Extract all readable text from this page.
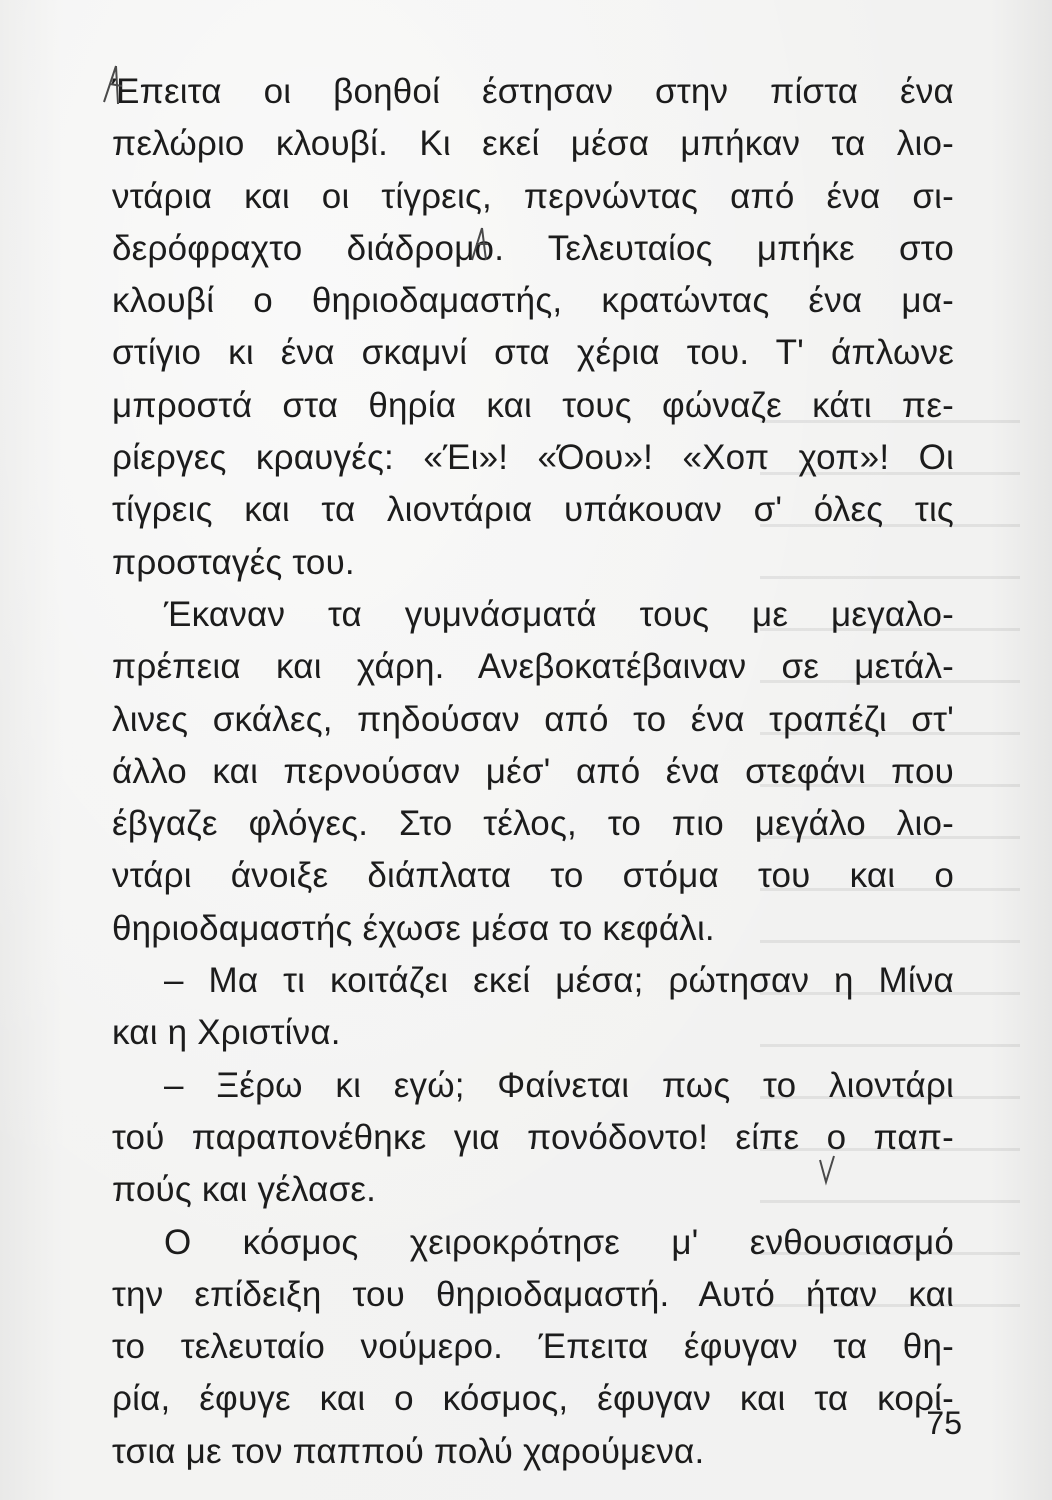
Έπειτα οι βοηθοί έστησαν στην πίστα ένα
πελώριο κλουβί. Κι εκεί μέσα μπήκαν τα λιο-
ντάρια και οι τίγρεις, περνώντας από ένα σι-
δερόφραχτο διάδρομο. Τελευταίος μπήκε στο
κλουβί ο θηριοδαμαστής, κρατώντας ένα μα-
στίγιο κι ένα σκαμνί στα χέρια του. Τ' άπλωνε
μπροστά στα θηρία και τους φώναζε κάτι πε-
ρίεργες κραυγές: «Έι»! «Όου»! «Χοπ χοπ»! Οι
τίγρεις και τα λιοντάρια υπάκουαν σ' όλες τις
προσταγές του.
Έκαναν τα γυμνάσματά τους με μεγαλο-
πρέπεια και χάρη. Ανεβοκατέβαιναν σε μετάλ-
λινες σκάλες, πηδούσαν από το ένα τραπέζι στ'
άλλο και περνούσαν μέσ' από ένα στεφάνι που
έβγαζε φλόγες. Στο τέλος, το πιο μεγάλο λιο-
ντάρι άνοιξε διάπλατα το στόμα του και ο
θηριοδαμαστής έχωσε μέσα το κεφάλι.
– Μα τι κοιτάζει εκεί μέσα; ρώτησαν η Μίνα
και η Χριστίνα.
– Ξέρω κι εγώ; Φαίνεται πως το λιοντάρι
τού παραπονέθηκε για πονόδοντο! είπε ο παπ-
πούς και γέλασε.
Ο κόσμος χειροκρότησε μ' ενθουσιασμό
την επίδειξη του θηριοδαμαστή. Αυτό ήταν και
το τελευταίο νούμερο. Έπειτα έφυγαν τα θη-
ρία, έφυγε και ο κόσμος, έφυγαν και τα κορί-
τσια με τον παππού πολύ χαρούμενα.
75
